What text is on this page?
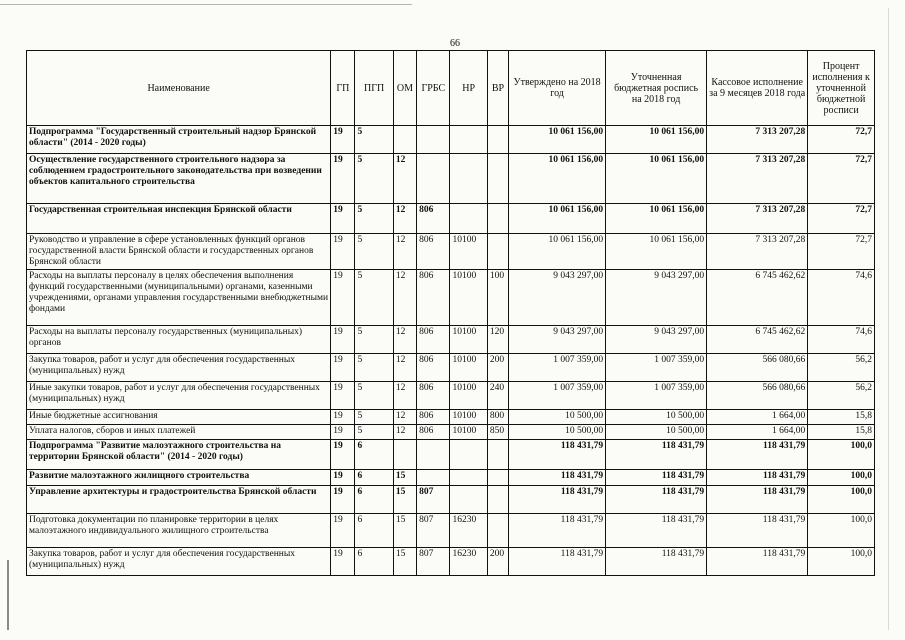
66
Наименование	ГП	ПГП	ОМ	ГРБС	НР	ВР	Утверждено на 2018 год	Уточненная бюджетная роспись на 2018 год	Кассовое исполнение за 9 месяцев 2018 года	Процент исполнения к уточненной бюджетной росписи
Подпрограмма "Государственный строительный надзор Брянской области" (2014 - 2020 годы)	19	5					10 061 156,00	10 061 156,00	7 313 207,28	72,7
Осуществление государственного строительного надзора за соблюдением градостроительного законодательства при возведении объектов капитального строительства	19	5	12				10 061 156,00	10 061 156,00	7 313 207,28	72,7
Государственная строительная инспекция Брянской области	19	5	12	806			10 061 156,00	10 061 156,00	7 313 207,28	72,7
Руководство и управление в сфере установленных функций органов государственной власти Брянской области и государственных органов Брянской области	19	5	12	806	10100		10 061 156,00	10 061 156,00	7 313 207,28	72,7
Расходы на выплаты персоналу в целях обеспечения выполнения функций государственными (муниципальными) органами, казенными учреждениями, органами управления государственными внебюджетными фондами	19	5	12	806	10100	100	9 043 297,00	9 043 297,00	6 745 462,62	74,6
Расходы на выплаты персоналу государственных (муниципальных) органов	19	5	12	806	10100	120	9 043 297,00	9 043 297,00	6 745 462,62	74,6
Закупка товаров, работ и услуг для обеспечения государственных (муниципальных) нужд	19	5	12	806	10100	200	1 007 359,00	1 007 359,00	566 080,66	56,2
Иные закупки товаров, работ и услуг для обеспечения государственных (муниципальных) нужд	19	5	12	806	10100	240	1 007 359,00	1 007 359,00	566 080,66	56,2
Иные бюджетные ассигнования	19	5	12	806	10100	800	10 500,00	10 500,00	1 664,00	15,8
Уплата налогов, сборов и иных платежей	19	5	12	806	10100	850	10 500,00	10 500,00	1 664,00	15,8
Подпрограмма "Развитие малоэтажного строительства на территории Брянской области" (2014 - 2020 годы)	19	6					118 431,79	118 431,79	118 431,79	100,0
Развитие малоэтажного жилищного строительства	19	6	15				118 431,79	118 431,79	118 431,79	100,0
Управление архитектуры и градостроительства Брянской области	19	6	15	807			118 431,79	118 431,79	118 431,79	100,0
Подготовка документации по планировке территории в целях малоэтажного индивидуального жилищного строительства	19	6	15	807	16230		118 431,79	118 431,79	118 431,79	100,0
Закупка товаров, работ и услуг для обеспечения государственных (муниципальных) нужд	19	6	15	807	16230	200	118 431,79	118 431,79	118 431,79	100,0
